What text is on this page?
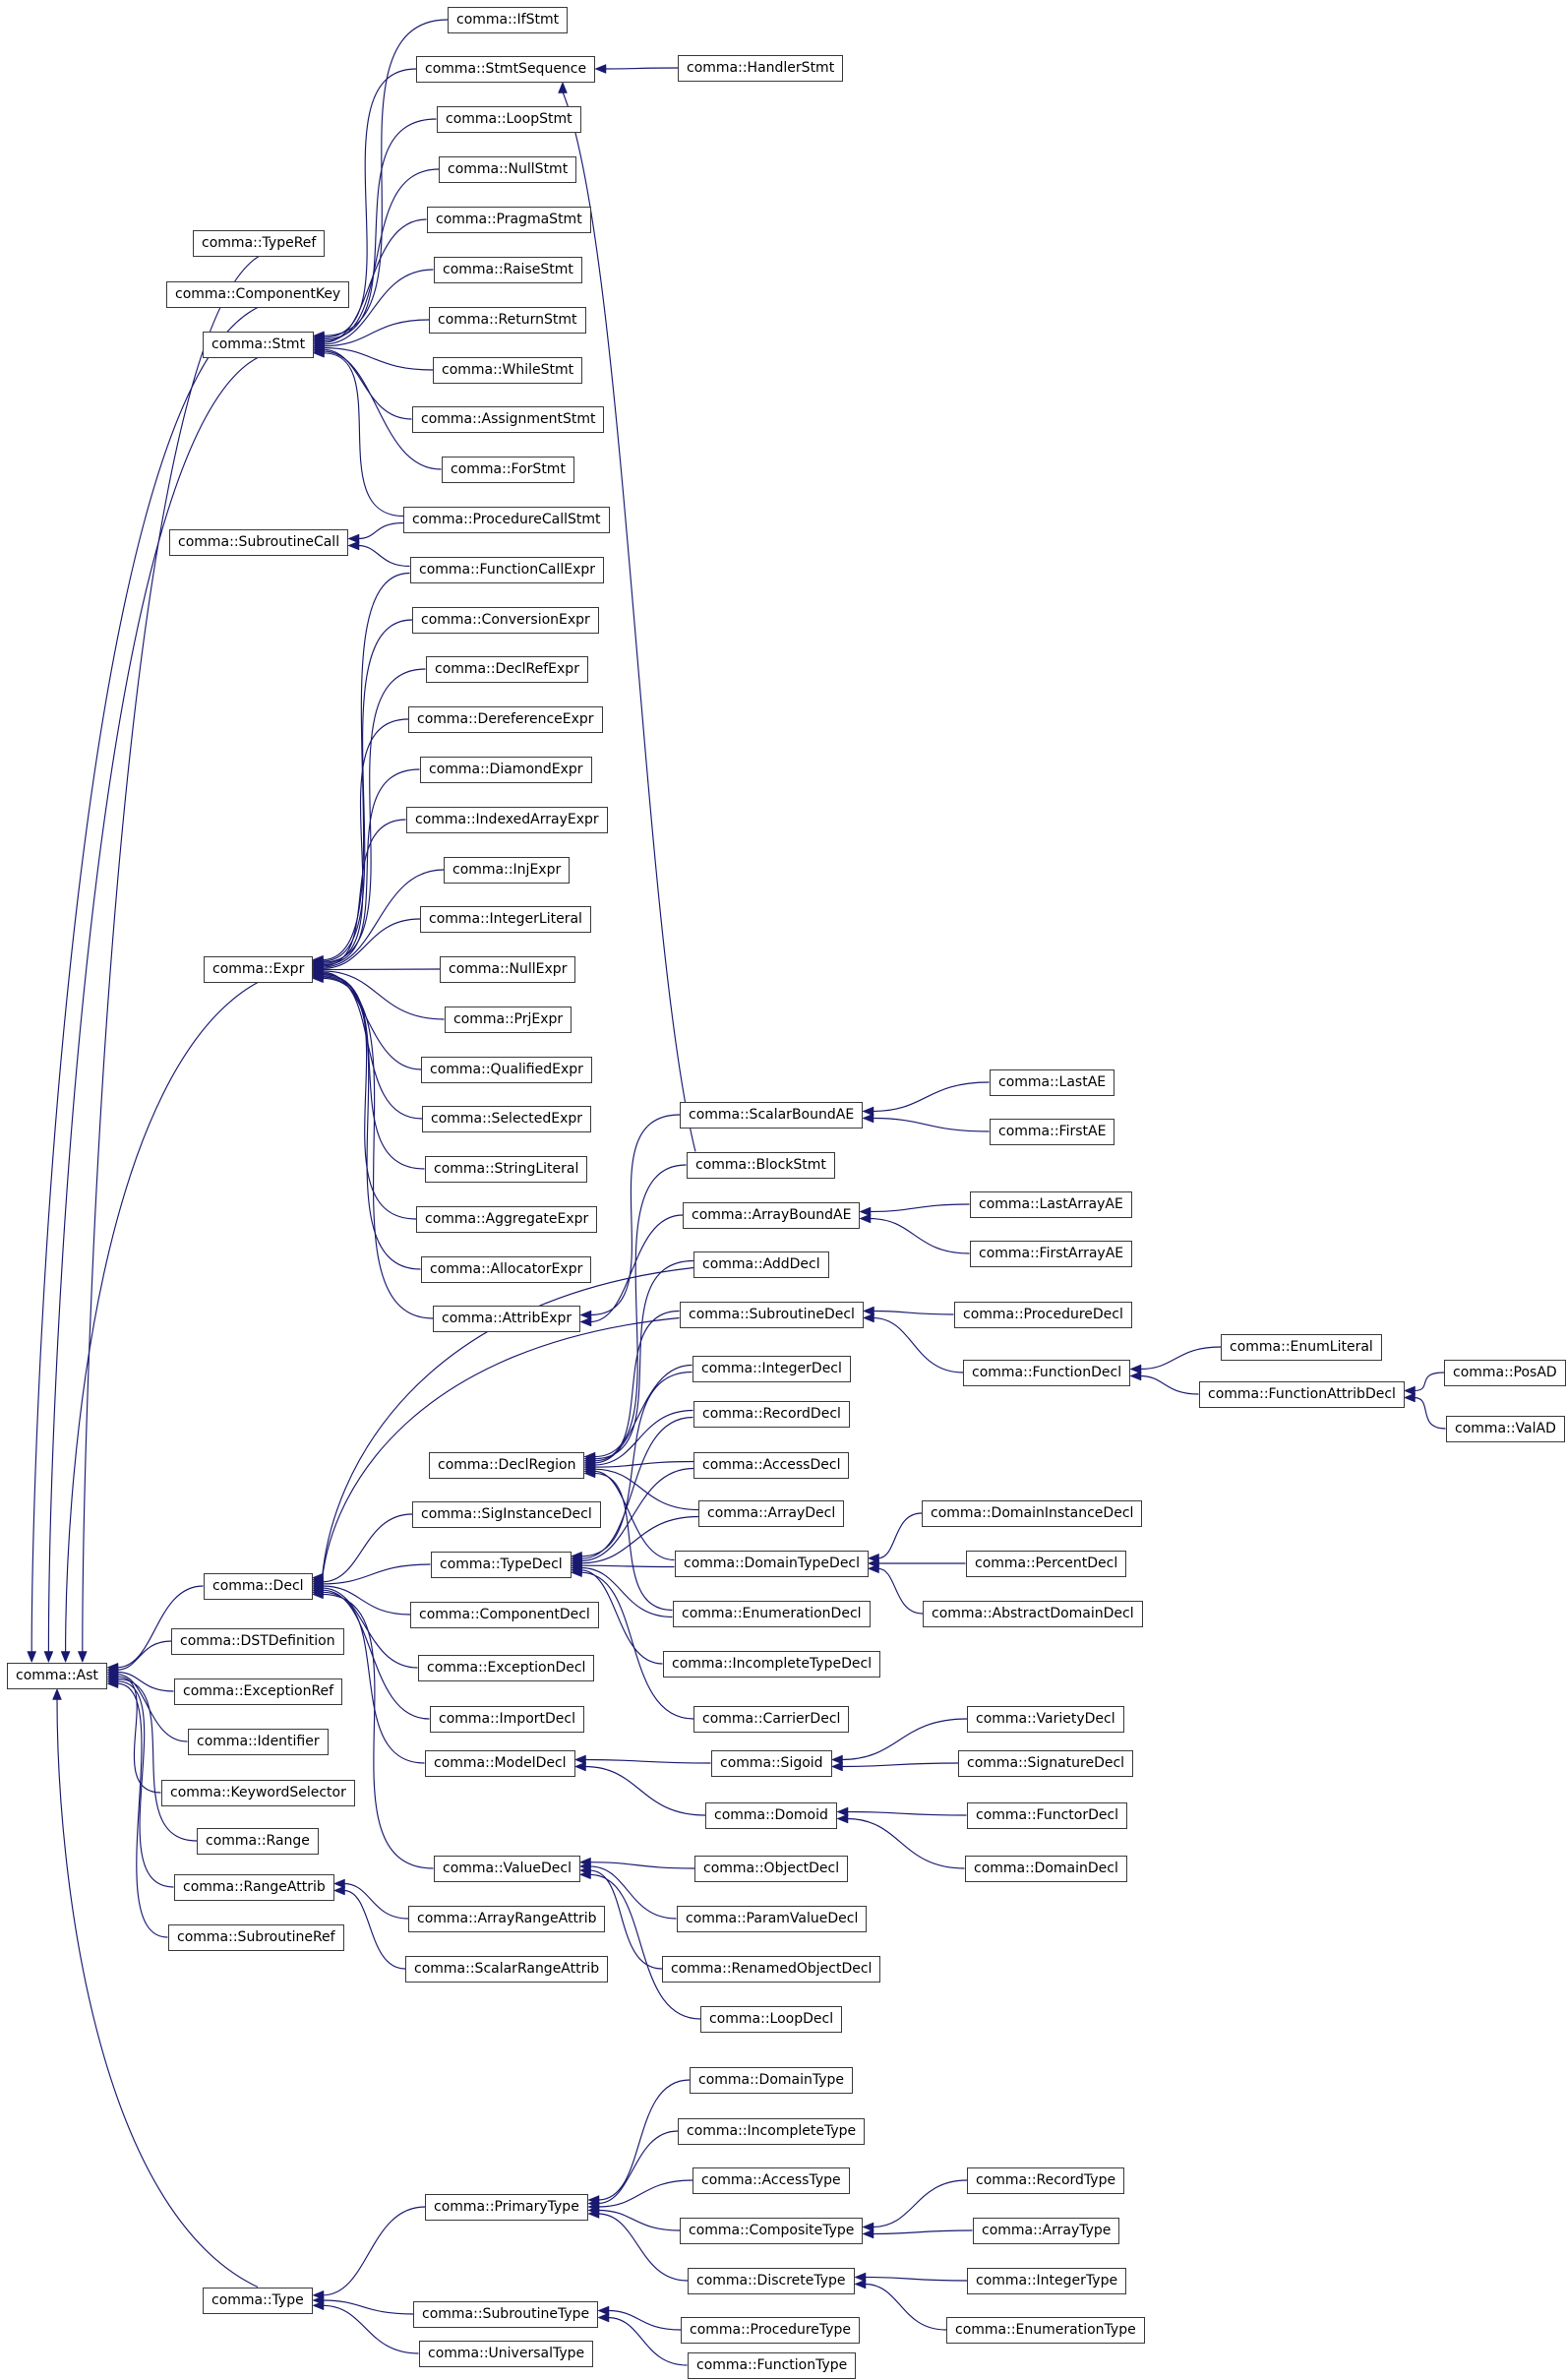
comma::Ast
comma::TypeRef
comma::ComponentKey
comma::Stmt
comma::SubroutineCall
comma::Expr
comma::Decl
comma::DSTDefinition
comma::ExceptionRef
comma::Identifier
comma::KeywordSelector
comma::Range
comma::RangeAttrib
comma::SubroutineRef
comma::Type
comma::IfStmt
comma::StmtSequence
comma::LoopStmt
comma::NullStmt
comma::PragmaStmt
comma::RaiseStmt
comma::ReturnStmt
comma::WhileStmt
comma::AssignmentStmt
comma::ForStmt
comma::ProcedureCallStmt
comma::FunctionCallExpr
comma::ConversionExpr
comma::DeclRefExpr
comma::DereferenceExpr
comma::DiamondExpr
comma::IndexedArrayExpr
comma::InjExpr
comma::IntegerLiteral
comma::NullExpr
comma::PrjExpr
comma::QualifiedExpr
comma::SelectedExpr
comma::StringLiteral
comma::AggregateExpr
comma::AllocatorExpr
comma::AttribExpr
comma::DeclRegion
comma::SigInstanceDecl
comma::TypeDecl
comma::ComponentDecl
comma::ExceptionDecl
comma::ImportDecl
comma::ModelDecl
comma::ValueDecl
comma::ArrayRangeAttrib
comma::ScalarRangeAttrib
comma::PrimaryType
comma::SubroutineType
comma::UniversalType
comma::HandlerStmt
comma::ScalarBoundAE
comma::BlockStmt
comma::ArrayBoundAE
comma::AddDecl
comma::SubroutineDecl
comma::IntegerDecl
comma::RecordDecl
comma::AccessDecl
comma::ArrayDecl
comma::DomainTypeDecl
comma::EnumerationDecl
comma::IncompleteTypeDecl
comma::CarrierDecl
comma::Sigoid
comma::Domoid
comma::ObjectDecl
comma::ParamValueDecl
comma::RenamedObjectDecl
comma::LoopDecl
comma::DomainType
comma::IncompleteType
comma::AccessType
comma::CompositeType
comma::DiscreteType
comma::ProcedureType
comma::FunctionType
comma::LastAE
comma::FirstAE
comma::LastArrayAE
comma::FirstArrayAE
comma::ProcedureDecl
comma::FunctionDecl
comma::DomainInstanceDecl
comma::PercentDecl
comma::AbstractDomainDecl
comma::VarietyDecl
comma::SignatureDecl
comma::FunctorDecl
comma::DomainDecl
comma::RecordType
comma::ArrayType
comma::IntegerType
comma::EnumerationType
comma::EnumLiteral
comma::FunctionAttribDecl
comma::PosAD
comma::ValAD
